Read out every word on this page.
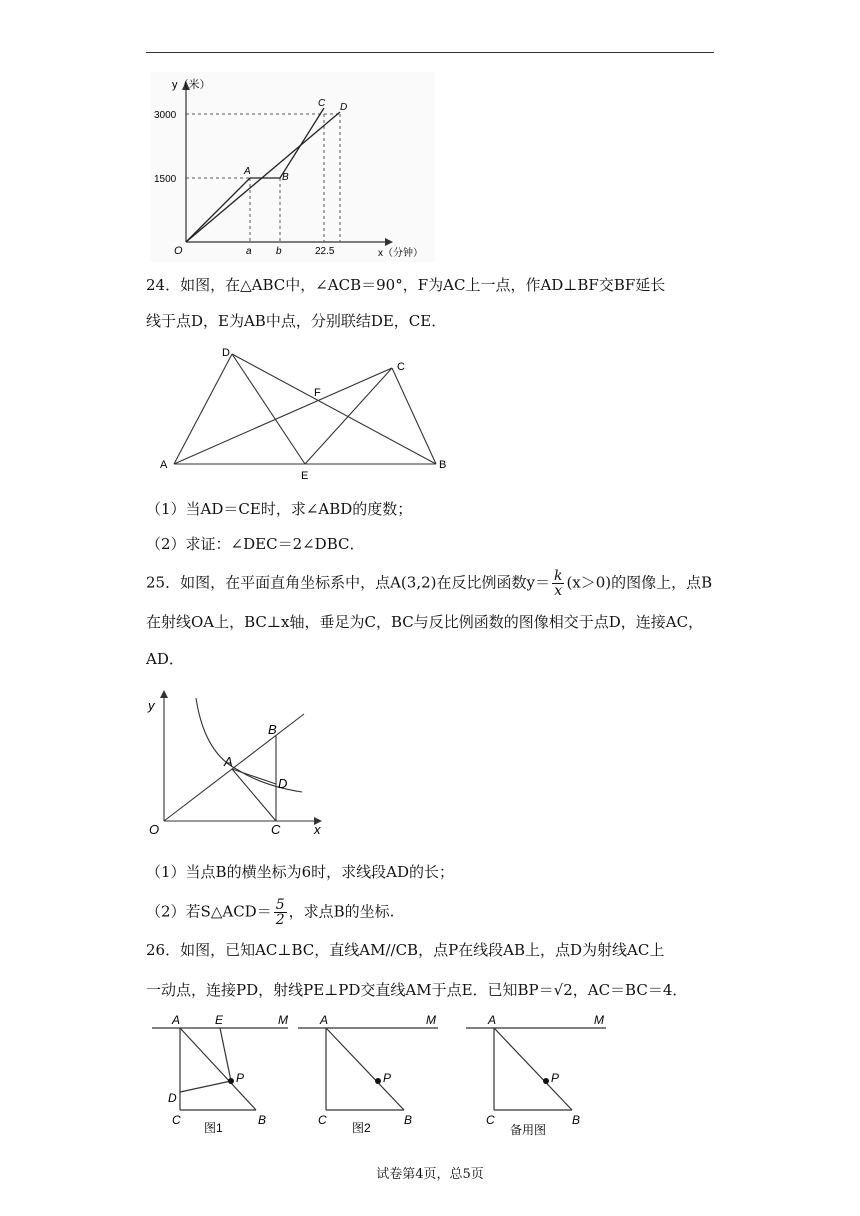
y（米）
x（分钟）
3000
1500
a b	22.5
O
A
B
C D
24．如图，在△ABC中，∠ACB＝90°，F为AC上一点，作AD⊥BF交BF延长
线于点D，E为AB中点，分别联结DE，CE．
D
C
F
A
E
B
（1）当AD＝CE时，求∠ABD的度数；
（2）求证：∠DEC＝2∠DBC．
25．如图，在平面直角坐标系中，点A(3,2)在反比例函数$y= \frac{k}{x} (x>0)$的图像上，点B
在射线OA上，BC⊥x轴，垂足为C，BC与反比例函数的图像相交于点D，连接AC，
AD．
y
x
O
A
B
D
C
（1）当点B的横坐标为6时，求线段AD的长；
（2）若S△ACD＝ $\frac{5}{2}$ ，求点B的坐标.
26．如图，已知AC⊥BC，直线AM//CB，点P在线段AB上，点D为射线AC上
一动点，连接PD，射线PE⊥PD交直线AM于点E．已知BP＝√2，AC＝BC＝4．
A	E	M
P
D
C	B
图1
A	M
P
C	B
图2
A	M
P
C	B
备用图
试卷第4页，总5页
